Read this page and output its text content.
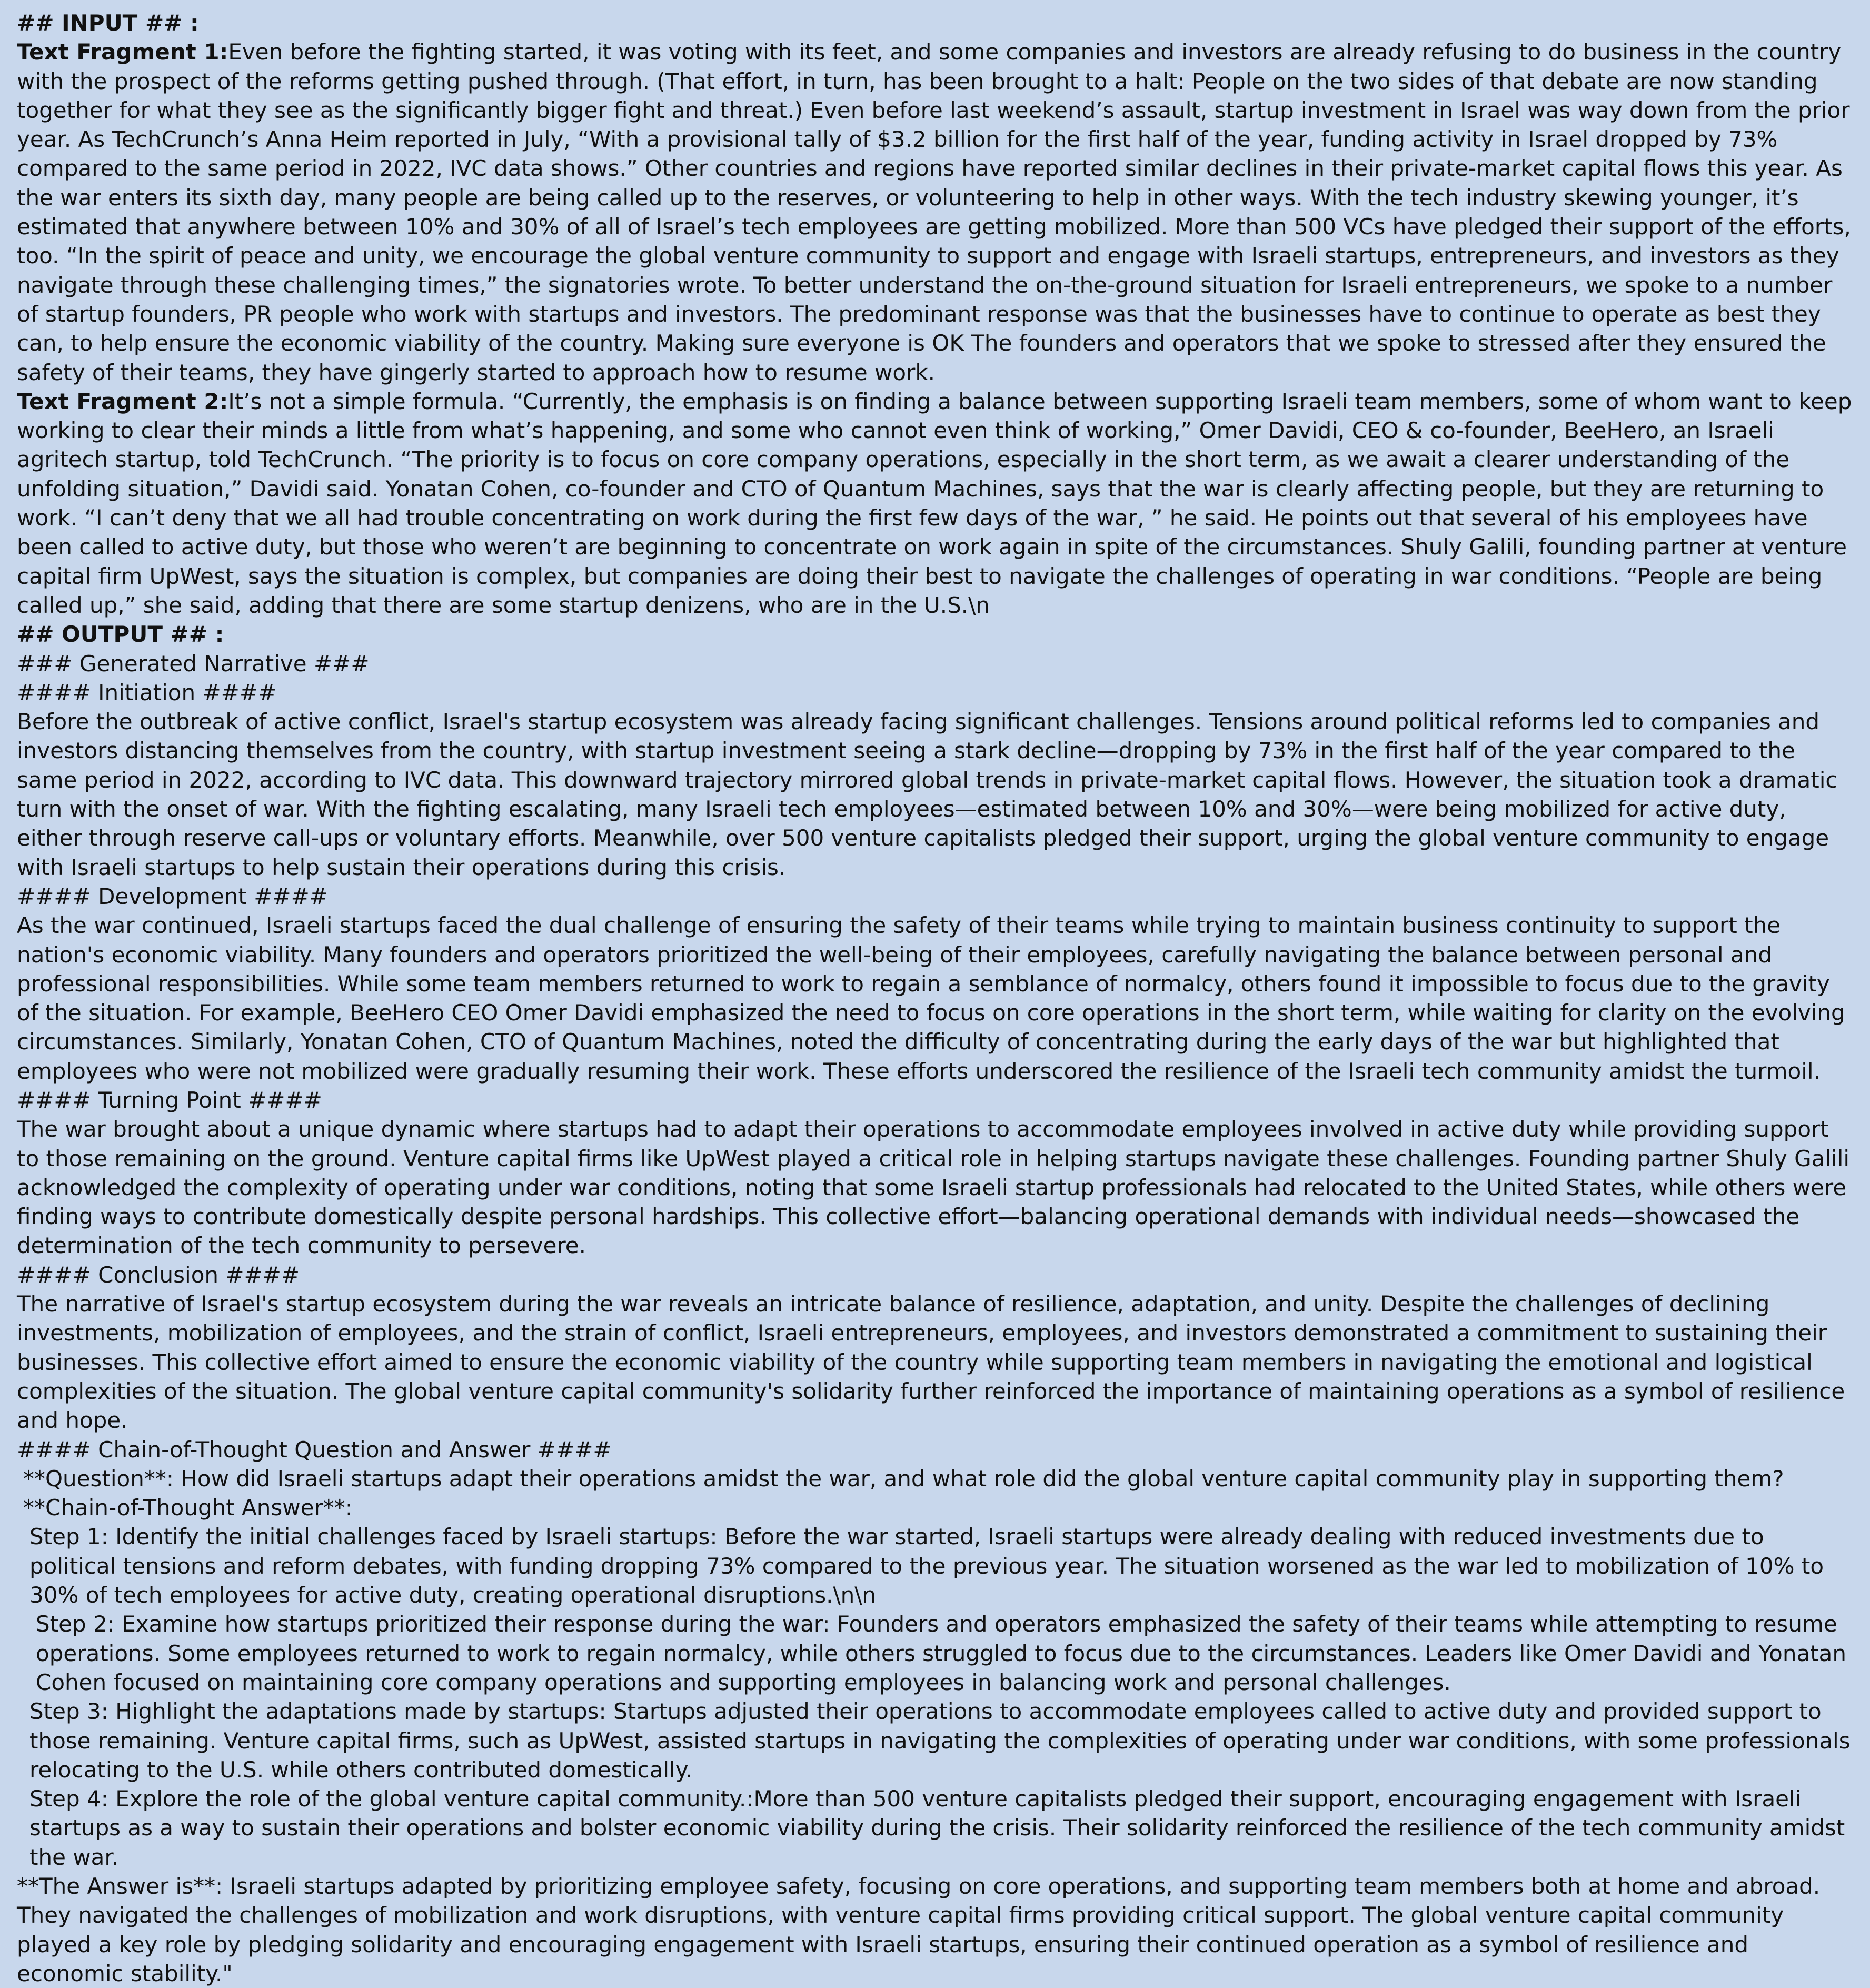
## INPUT ## :
Text Fragment 1:Even before the fighting started, it was voting with its feet, and some companies and investors are already refusing to do business in the country with the prospect of the reforms getting pushed through. (That effort, in turn, has been brought to a halt: People on the two sides of that debate are now standing together for what they see as the significantly bigger fight and threat.) Even before last weekend’s assault, startup investment in Israel was way down from the prior year. As TechCrunch’s Anna Heim reported in July, “With a provisional tally of $3.2 billion for the first half of the year, funding activity in Israel dropped by 73% compared to the same period in 2022, IVC data shows.” Other countries and regions have reported similar declines in their private-market capital flows this year. As the war enters its sixth day, many people are being called up to the reserves, or volunteering to help in other ways. With the tech industry skewing younger, it’s estimated that anywhere between 10% and 30% of all of Israel’s tech employees are getting mobilized. More than 500 VCs have pledged their support of the efforts, too. “In the spirit of peace and unity, we encourage the global venture community to support and engage with Israeli startups, entrepreneurs, and investors as they navigate through these challenging times,” the signatories wrote. To better understand the on-the-ground situation for Israeli entrepreneurs, we spoke to a number of startup founders, PR people who work with startups and investors. The predominant response was that the businesses have to continue to operate as best they can, to help ensure the economic viability of the country. Making sure everyone is OK The founders and operators that we spoke to stressed after they ensured the safety of their teams, they have gingerly started to approach how to resume work.
Text Fragment 2:It’s not a simple formula. “Currently, the emphasis is on finding a balance between supporting Israeli team members, some of whom want to keep working to clear their minds a little from what’s happening, and some who cannot even think of working,” Omer Davidi, CEO & co-founder, BeeHero, an Israeli agritech startup, told TechCrunch. “The priority is to focus on core company operations, especially in the short term, as we await a clearer understanding of the unfolding situation,” Davidi said. Yonatan Cohen, co-founder and CTO of Quantum Machines, says that the war is clearly affecting people, but they are returning to work. “I can’t deny that we all had trouble concentrating on work during the first few days of the war, ” he said. He points out that several of his employees have been called to active duty, but those who weren’t are beginning to concentrate on work again in spite of the circumstances. Shuly Galili, founding partner at venture capital firm UpWest, says the situation is complex, but companies are doing their best to navigate the challenges of operating in war conditions. “People are being called up,” she said, adding that there are some startup denizens, who are in the U.S.\n
## OUTPUT ## :
### Generated Narrative ###
#### Initiation ####
Before the outbreak of active conflict, Israel's startup ecosystem was already facing significant challenges. Tensions around political reforms led to companies and investors distancing themselves from the country, with startup investment seeing a stark decline—dropping by 73% in the first half of the year compared to the same period in 2022, according to IVC data. This downward trajectory mirrored global trends in private-market capital flows. However, the situation took a dramatic turn with the onset of war. With the fighting escalating, many Israeli tech employees—estimated between 10% and 30%—were being mobilized for active duty, either through reserve call-ups or voluntary efforts. Meanwhile, over 500 venture capitalists pledged their support, urging the global venture community to engage with Israeli startups to help sustain their operations during this crisis.
#### Development ####
As the war continued, Israeli startups faced the dual challenge of ensuring the safety of their teams while trying to maintain business continuity to support the nation's economic viability. Many founders and operators prioritized the well-being of their employees, carefully navigating the balance between personal and professional responsibilities. While some team members returned to work to regain a semblance of normalcy, others found it impossible to focus due to the gravity of the situation. For example, BeeHero CEO Omer Davidi emphasized the need to focus on core operations in the short term, while waiting for clarity on the evolving circumstances. Similarly, Yonatan Cohen, CTO of Quantum Machines, noted the difficulty of concentrating during the early days of the war but highlighted that employees who were not mobilized were gradually resuming their work. These efforts underscored the resilience of the Israeli tech community amidst the turmoil.
#### Turning Point ####
The war brought about a unique dynamic where startups had to adapt their operations to accommodate employees involved in active duty while providing support to those remaining on the ground. Venture capital firms like UpWest played a critical role in helping startups navigate these challenges. Founding partner Shuly Galili acknowledged the complexity of operating under war conditions, noting that some Israeli startup professionals had relocated to the United States, while others were finding ways to contribute domestically despite personal hardships. This collective effort—balancing operational demands with individual needs—showcased the determination of the tech community to persevere.
#### Conclusion ####
The narrative of Israel's startup ecosystem during the war reveals an intricate balance of resilience, adaptation, and unity. Despite the challenges of declining investments, mobilization of employees, and the strain of conflict, Israeli entrepreneurs, employees, and investors demonstrated a commitment to sustaining their businesses. This collective effort aimed to ensure the economic viability of the country while supporting team members in navigating the emotional and logistical complexities of the situation. The global venture capital community's solidarity further reinforced the importance of maintaining operations as a symbol of resilience and hope.
#### Chain-of-Thought Question and Answer ####
**Question**: How did Israeli startups adapt their operations amidst the war, and what role did the global venture capital community play in supporting them?
**Chain-of-Thought Answer**:
Step 1: Identify the initial challenges faced by Israeli startups: Before the war started, Israeli startups were already dealing with reduced investments due to political tensions and reform debates, with funding dropping 73% compared to the previous year. The situation worsened as the war led to mobilization of 10% to 30% of tech employees for active duty, creating operational disruptions.\n\n
Step 2: Examine how startups prioritized their response during the war: Founders and operators emphasized the safety of their teams while attempting to resume operations. Some employees returned to work to regain normalcy, while others struggled to focus due to the circumstances. Leaders like Omer Davidi and Yonatan Cohen focused on maintaining core company operations and supporting employees in balancing work and personal challenges.
Step 3: Highlight the adaptations made by startups: Startups adjusted their operations to accommodate employees called to active duty and provided support to those remaining. Venture capital firms, such as UpWest, assisted startups in navigating the complexities of operating under war conditions, with some professionals relocating to the U.S. while others contributed domestically.
Step 4: Explore the role of the global venture capital community.:More than 500 venture capitalists pledged their support, encouraging engagement with Israeli startups as a way to sustain their operations and bolster economic viability during the crisis. Their solidarity reinforced the resilience of the tech community amidst the war.
**The Answer is**: Israeli startups adapted by prioritizing employee safety, focusing on core operations, and supporting team members both at home and abroad. They navigated the challenges of mobilization and work disruptions, with venture capital firms providing critical support. The global venture capital community played a key role by pledging solidarity and encouraging engagement with Israeli startups, ensuring their continued operation as a symbol of resilience and economic stability."
